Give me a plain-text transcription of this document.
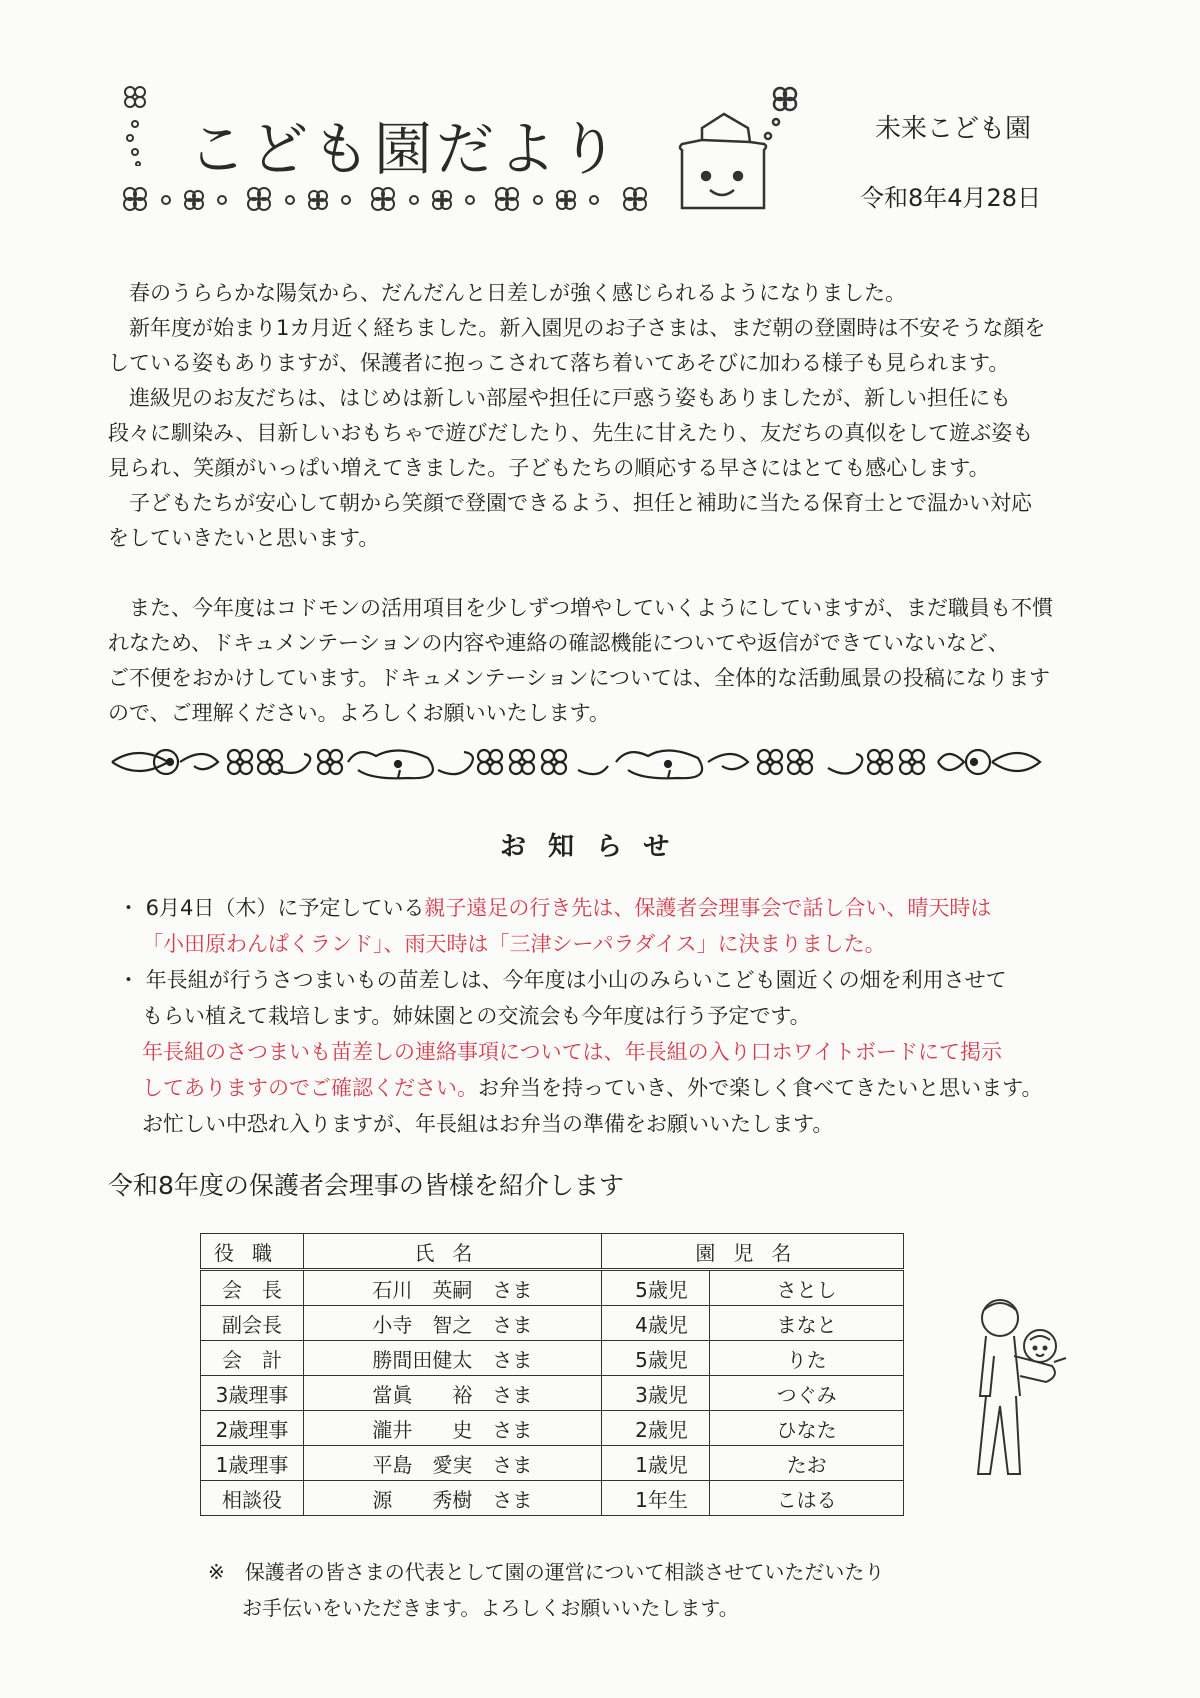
こども園だより	未来こども園
令和8年4月28日

　春のうららかな陽気から、だんだんと日差しが強く感じられるようになりました。

　新年度が始まり1カ月近く経ちました。新入園児のお子さまは、まだ朝の登園時は不安そうな顔を

している姿もありますが、保護者に抱っこされて落ち着いてあそびに加わる様子も見られます。

　進級児のお友だちは、はじめは新しい部屋や担任に戸惑う姿もありましたが、新しい担任にも

段々に馴染み、目新しいおもちゃで遊びだしたり、先生に甘えたり、友だちの真似をして遊ぶ姿も

見られ、笑顔がいっぱい増えてきました。子どもたちの順応する早さにはとても感心します。

　子どもたちが安心して朝から笑顔で登園できるよう、担任と補助に当たる保育士とで温かい対応

をしていきたいと思います。

　また、今年度はコドモンの活用項目を少しずつ増やしていくようにしていますが、まだ職員も不慣

れなため、ドキュメンテーションの内容や連絡の確認機能についてや返信ができていないなど、

ご不便をおかけしています。ドキュメンテーションについては、全体的な活動風景の投稿になります

ので、ご理解ください。よろしくお願いいたします。

お知らせ

・ 6月4日（木）に予定している親子遠足の行き先は、保護者会理事会で話し合い、晴天時は

「小田原わんぱくランド」、雨天時は「三津シーパラダイス」に決まりました。

・ 年長組が行うさつまいもの苗差しは、今年度は小山のみらいこども園近くの畑を利用させて

もらい植えて栽培します。姉妹園との交流会も今年度は行う予定です。

年長組のさつまいも苗差しの連絡事項については、年長組の入り口ホワイトボードにて掲示

してありますのでご確認ください。お弁当を持っていき、外で楽しく食べてきたいと思います。

お忙しい中恐れ入りますが、年長組はお弁当の準備をお願いいたします。

令和8年度の保護者会理事の皆様を紹介します
役職	氏名	園児名	
会　長	石川　英嗣　さま	5歳児	さとし
副会長	小寺　智之　さま	4歳児	まなと
会　計	勝間田健太　さま	5歳児	りた
3歳理事	當眞　　裕　さま	3歳児	つぐみ
2歳理事	瀧井　　史　さま	2歳児	ひなた
1歳理事	平島　愛実　さま	1歳児	たお
相談役	源　　秀樹　さま	1年生	こはる

※　保護者の皆さまの代表として園の運営について相談させていただいたり

お手伝いをいただきます。よろしくお願いいたします。
